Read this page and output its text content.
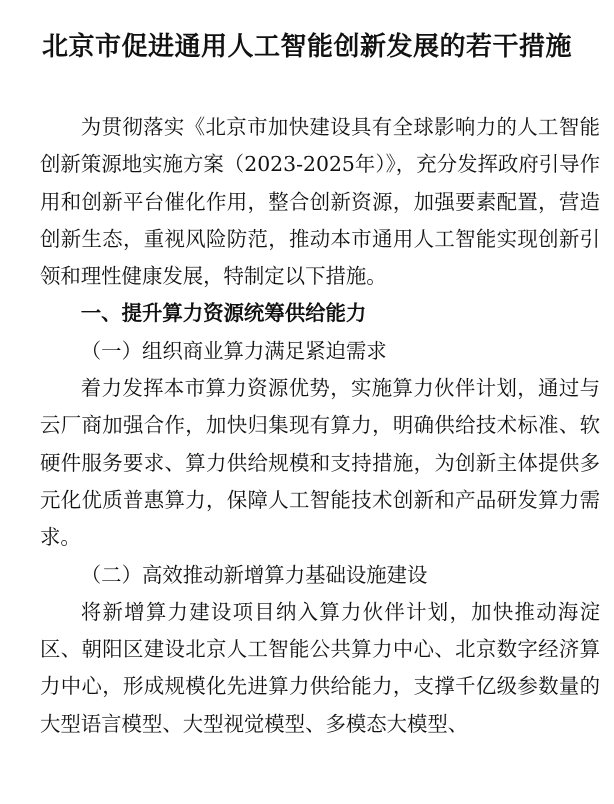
北京市促进通用人工智能创新发展的若干措施

为贯彻落实《北京市加快建设具有全球影响力的人工智能创新策源地实施方案（2023-2025年）》，充分发挥政府引导作用和创新平台催化作用，整合创新资源，加强要素配置，营造创新生态，重视风险防范，推动本市通用人工智能实现创新引领和理性健康发展，特制定以下措施。

一、提升算力资源统筹供给能力

（一）组织商业算力满足紧迫需求

着力发挥本市算力资源优势，实施算力伙伴计划，通过与云厂商加强合作，加快归集现有算力，明确供给技术标准、软硬件服务要求、算力供给规模和支持措施，为创新主体提供多元化优质普惠算力，保障人工智能技术创新和产品研发算力需求。

（二）高效推动新增算力基础设施建设

将新增算力建设项目纳入算力伙伴计划，加快推动海淀区、朝阳区建设北京人工智能公共算力中心、北京数字经济算力中心，形成规模化先进算力供给能力，支撑千亿级参数量的大型语言模型、大型视觉模型、多模态大模型、
